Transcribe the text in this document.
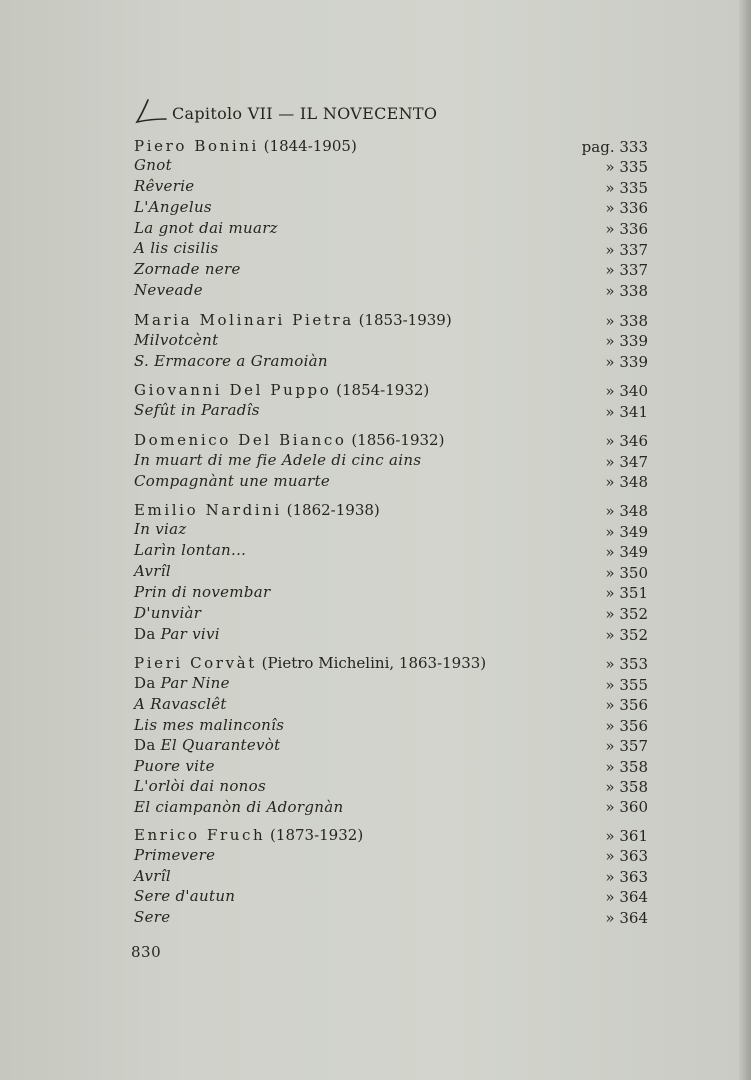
Capitolo VII — IL NOVECENTO
Piero Bonini (1844-1905)	pag. 333
Gnot	» 335
Rêverie	» 335
L'Angelus	» 336
La gnot dai muarz	» 336
A lis cisilis	» 337
Zornade nere	» 337
Neveade	» 338
Maria Molinari Pietra (1853-1939)	» 338
Milvotcènt	» 339
S. Ermacore a Gramoiàn	» 339
Giovanni Del Puppo (1854-1932)	» 340
Sefût in Paradîs	» 341
Domenico Del Bianco (1856-1932)	» 346
In muart di me fie Adele di cinc ains	» 347
Compagnànt une muarte	» 348
Emilio Nardini (1862-1938)	» 348
In viaz	» 349
Larìn lontan...	» 349
Avrîl	» 350
Prin di novembar	» 351
D'unviàr	» 352
Da Par vivi	» 352
Pieri Corvàt (Pietro Michelini, 1863-1933)	» 353
Da Par Nine	» 355
A Ravasclêt	» 356
Lis mes malinconîs	» 356
Da El Quarantevòt	» 357
Puore vite	» 358
L'orlòi dai nonos	» 358
El ciampanòn di Adorgnàn	» 360
Enrico Fruch (1873-1932)	» 361
Primevere	» 363
Avrîl	» 363
Sere d'autun	» 364
Sere	» 364
830
